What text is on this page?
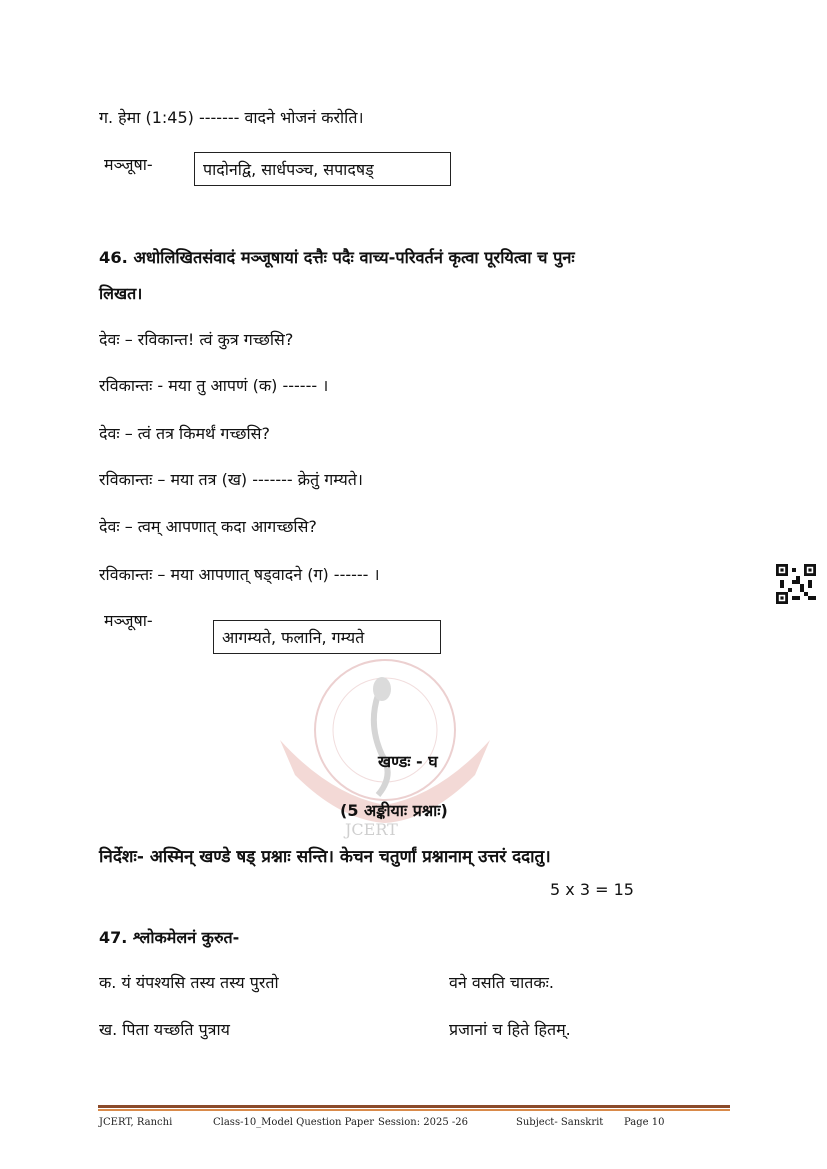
ग. हेमा (1:45) ------- वादने भोजनं करोति।
मञ्जूषा-	पादोनद्वि, सार्धपञ्च, सपादषड्
46. अधोलिखितसंवादं मञ्जूषायां दत्तैः पदैः वाच्य-परिवर्तनं कृत्वा पूरयित्वा च पुनः
लिखत।
देवः – रविकान्त! त्वं कुत्र गच्छसि?
रविकान्तः - मया तु आपणं (क) ------ ।
देवः – त्वं तत्र किमर्थं गच्छसि?
रविकान्तः – मया तत्र (ख) ------- क्रेतुं गम्यते।
देवः – त्वम् आपणात् कदा आगच्छसि?
रविकान्तः – मया आपणात् षड्वादने (ग) ------ ।
मञ्जूषा-
आगम्यते, फलानि, गम्यते
JCERT
खण्डः - घ
(5 अङ्कीयाः प्रश्नाः)
निर्देशः- अस्मिन् खण्डे षड् प्रश्नाः सन्ति। केचन चतुर्णां प्रश्नानाम् उत्तरं ददातु।
5 x 3 = 15
47. श्लोकमेलनं कुरुत-
क. यं यंपश्यसि तस्य तस्य पुरतो	वने वसति चातकः.
ख. पिता यच्छति पुत्राय	प्रजानां च हिते हितम्.
JCERT, Ranchi	Class-10_Model Question Paper Session: 2025 -26	Subject- Sanskrit Page 10
